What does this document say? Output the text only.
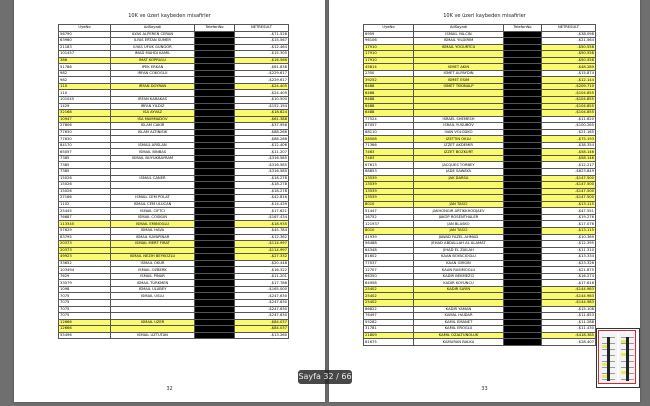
10K ve üzeri kaybeden misafirler
UyeNo	AdSoyadi	TelefonNo	NETRESULT
56790	ILYAS ALPEREN CERAN		-$71.528
63960	ILYAS ERTAN SUMER		-$15.567
21183	ILYAS UFUK GUNGOR		-$12.464
101457	IMAD MAHDI KAMIL		-$15.305
386	IMAT KOPRULU		-$16.566
51786	IPEK ERKAN		-$81.838
982	IRFAN COKOGLU		-$229.617
982			-$229.617
110	IRFAN DOYRAN		-$24.405
110			-$24.405
101045	IRFAN KARAKAS		-$10.500
1429	IRFAN YILDIZ		-$152.194
32168	ISA AYVAZ		-$18.824
10947	ISA MAMMADOV		-$61.388
27806	ISLAM CAKIR		-$37.956
77630	ISLAM ALTINISIK		-$88.266
77630			-$88.266
84170	ISMAIL ARSLAN		-$12.406
65057	ISMAIL BINBAS		-$11.207
7385	ISMAIL BUYUKBAYRAM		-$316.585
7385			-$316.585
7385			-$316.585
15026	ISMAIL CANER		-$18.278
15026			-$18.278
15026			-$18.278
27166	ISMAIL CEM POLAT		-$42.816
1102	ISMAIL CEM ULUCAN		-$14.439
25445	ISMAIL CIFTCI		-$17.621
76687	ISMAIL COSKUN		-$167.434
113345	ISMAIL EMINOGLU		-$18.935
57629	ISMAIL HAVA		-$45.784
83795	ISMAIL KAYAPINAR		-$12.362
20373	ISMAIL MERT FIRAT		-$114.997
20373			-$114.997
49923	ISMAIL NEZIH BEYKOZLU		-$27.332
33652	ISMAIL OKUR		-$20.448
103494	ISMAIL OZBERK		-$16.322
7629	ISMAIL PINAR		-$11.201
33579	ISMAIL TURKMEN		-$17.786
1098	ISMAIL ULUBEY		-$165.000
7075	ISMAIL USLU		-$247.630
7075			-$247.630
7075			-$247.630
7075			-$247.630
12666	ISMAIL UZER		-$84.037
12666			-$84.037
55496	ISMAIL UZTUTAN		-$13.260
32
10K ve üzeri kaybeden misafirler
UyeNo	AdSoyadi	TelefonNo	NETRESULT
6959	ISMAIL YALCIN		-$38.098
96106	ISMAIL YILDIRIM		-$21.564
17910	ISMAIL YOGURTCU		-$50.558
17910			-$50.558
17910			-$50.558
45814	ISMET AKIN		-$48.289
2350	ISMET ALPAYDIN		-$15.874
39252	ISMET ESIM		-$12.144
6488	ISMET TEKINALP		-$209.710
6488			-$104.855
6488			-$104.855
6488			-$104.855
6488			-$104.855
77524	ISRAEL SHEMESH		-$11.620
87057	ISRAIL YUSUBOV		-$100.265
68110	IVAN VOLODKO		-$21.165
28508	IZETTIN OKLU		-$75.193
71366	IZZET AKDEMIR		-$38.354
7463	IZZET BOZKURT		-$58.146
7463			-$58.146
67613	JACQUES TORBEY		-$12.217
68853	JADE SAWAYA		-$623.849
13539	JAK DARSA		-$147.500
13539			-$147.500
13539			-$147.500
13539			-$147.500
8010	JAN TASCI		-$13.115
51447	JAKHONGIR ARTIKKHODJAEV		-$47.551
16752	JAKOP ROSENTHALER		-$19.276
121937	JAN BLASKO		-$17.076
8010	JAN TASCI		-$13.115
41939	JAWAD FAZEL AHMAD		-$10.369
56488	JEHAD ABDALLAH AL ALAMAT		-$12.395
64348	JIHAD EL ZAILAH		-$11.310
81602	KAAN BOYACIOGLU		-$13.334
77037	KAAN GIRGIN		-$23.326
12707	KAAN RASIMOGLU		-$21.875
66350	KADIR BEKMEZCI		-$16.274
64958	KADIR KOYUNCU		-$17.616
25402	KADIR SAYIN		-$144.983
25402			-$144.983
25402			-$144.983
86822	KADIR YAMAN		-$15.108
76497	KAMAL HAIDAR		-$11.653
55282	KAMIL EMANET		-$11.288
31781	KAMIL EROGLU		-$11.430
21809	KAMIL OZALTUNOLUK		-$418.385
81675	KAMURAN BALKU		-$28.407
33
Sayfa 32 / 66
